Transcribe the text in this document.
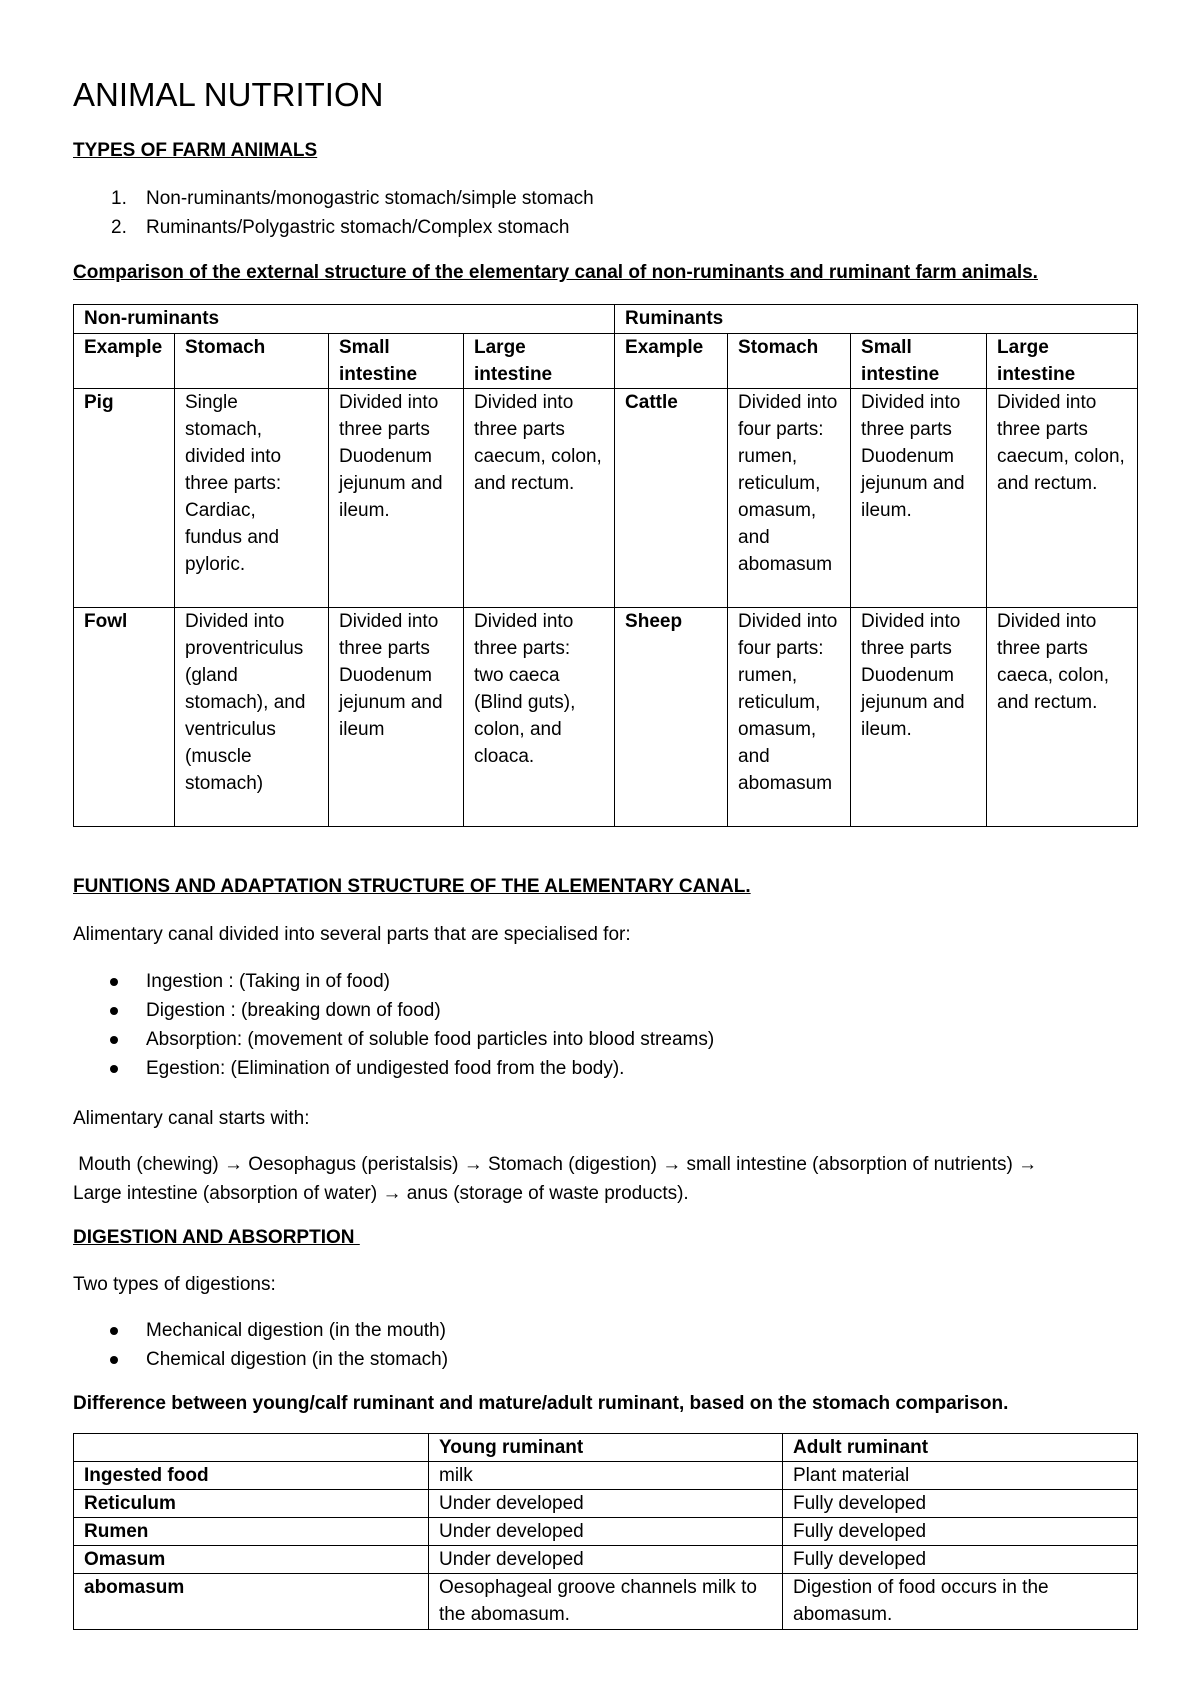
ANIMAL NUTRITION
TYPES OF FARM ANIMALS
1. Non-ruminants/monogastric stomach/simple stomach
2. Ruminants/Polygastric stomach/Complex stomach
Comparison of the external structure of the elementary canal of non-ruminants and ruminant farm animals.
Non-ruminants				Ruminants			
Example	Stomach	Small intestine	Large intestine	Example	Stomach	Small intestine	Large intestine
Pig	Single stomach, divided into three parts: Cardiac, fundus and pyloric.	Divided into three parts Duodenum jejunum and ileum.	Divided into three parts caecum, colon, and rectum.	Cattle	Divided into four parts: rumen, reticulum, omasum, and abomasum	Divided into three parts Duodenum jejunum and ileum.	Divided into three parts caecum, colon, and rectum.
Fowl	Divided into proventriculus (gland stomach), and ventriculus (muscle stomach)	Divided into three parts Duodenum jejunum and ileum	Divided into three parts: two caeca (Blind guts), colon, and cloaca.	Sheep	Divided into four parts: rumen, reticulum, omasum, and abomasum	Divided into three parts Duodenum jejunum and ileum.	Divided into three parts caeca, colon, and rectum.
FUNTIONS AND ADAPTATION STRUCTURE OF THE ALEMENTARY CANAL.
Alimentary canal divided into several parts that are specialised for:
Ingestion : (Taking in of food)
Digestion : (breaking down of food)
Absorption: (movement of soluble food particles into blood streams)
Egestion: (Elimination of undigested food from the body).
Alimentary canal starts with:
Mouth (chewing) → Oesophagus (peristalsis) → Stomach (digestion) → small intestine (absorption of nutrients) →
Large intestine (absorption of water) → anus (storage of waste products).
DIGESTION AND ABSORPTION
Two types of digestions:
Mechanical digestion (in the mouth)
Chemical digestion (in the stomach)
Difference between young/calf ruminant and mature/adult ruminant, based on the stomach comparison.
	Young ruminant	Adult ruminant
Ingested food	milk	Plant material
Reticulum	Under developed	Fully developed
Rumen	Under developed	Fully developed
Omasum	Under developed	Fully developed
abomasum	Oesophageal groove channels milk to the abomasum.	Digestion of food occurs in the abomasum.
